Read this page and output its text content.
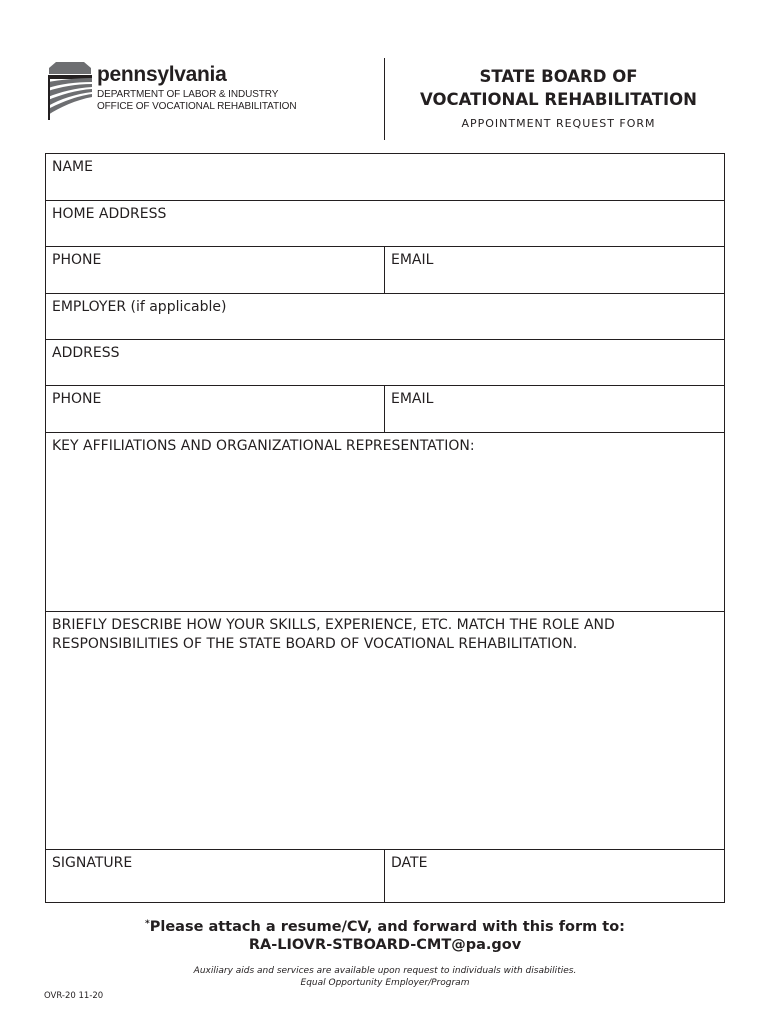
pennsylvania
DEPARTMENT OF LABOR & INDUSTRY
OFFICE OF VOCATIONAL REHABILITATION
STATE BOARD OF
VOCATIONAL REHABILITATION
APPOINTMENT REQUEST FORM
NAME
HOME ADDRESS
PHONE	EMAIL
EMPLOYER (if applicable)
ADDRESS
PHONE	EMAIL
KEY AFFILIATIONS AND ORGANIZATIONAL REPRESENTATION:
BRIEFLY DESCRIBE HOW YOUR SKILLS, EXPERIENCE, ETC. MATCH THE ROLE AND RESPONSIBILITIES OF THE STATE BOARD OF VOCATIONAL REHABILITATION.
SIGNATURE	DATE
*Please attach a resume/CV, and forward with this form to:
RA-LIOVR-STBOARD-CMT@pa.gov
Auxiliary aids and services are available upon request to individuals with disabilities.
Equal Opportunity Employer/Program
OVR-20 11-20
